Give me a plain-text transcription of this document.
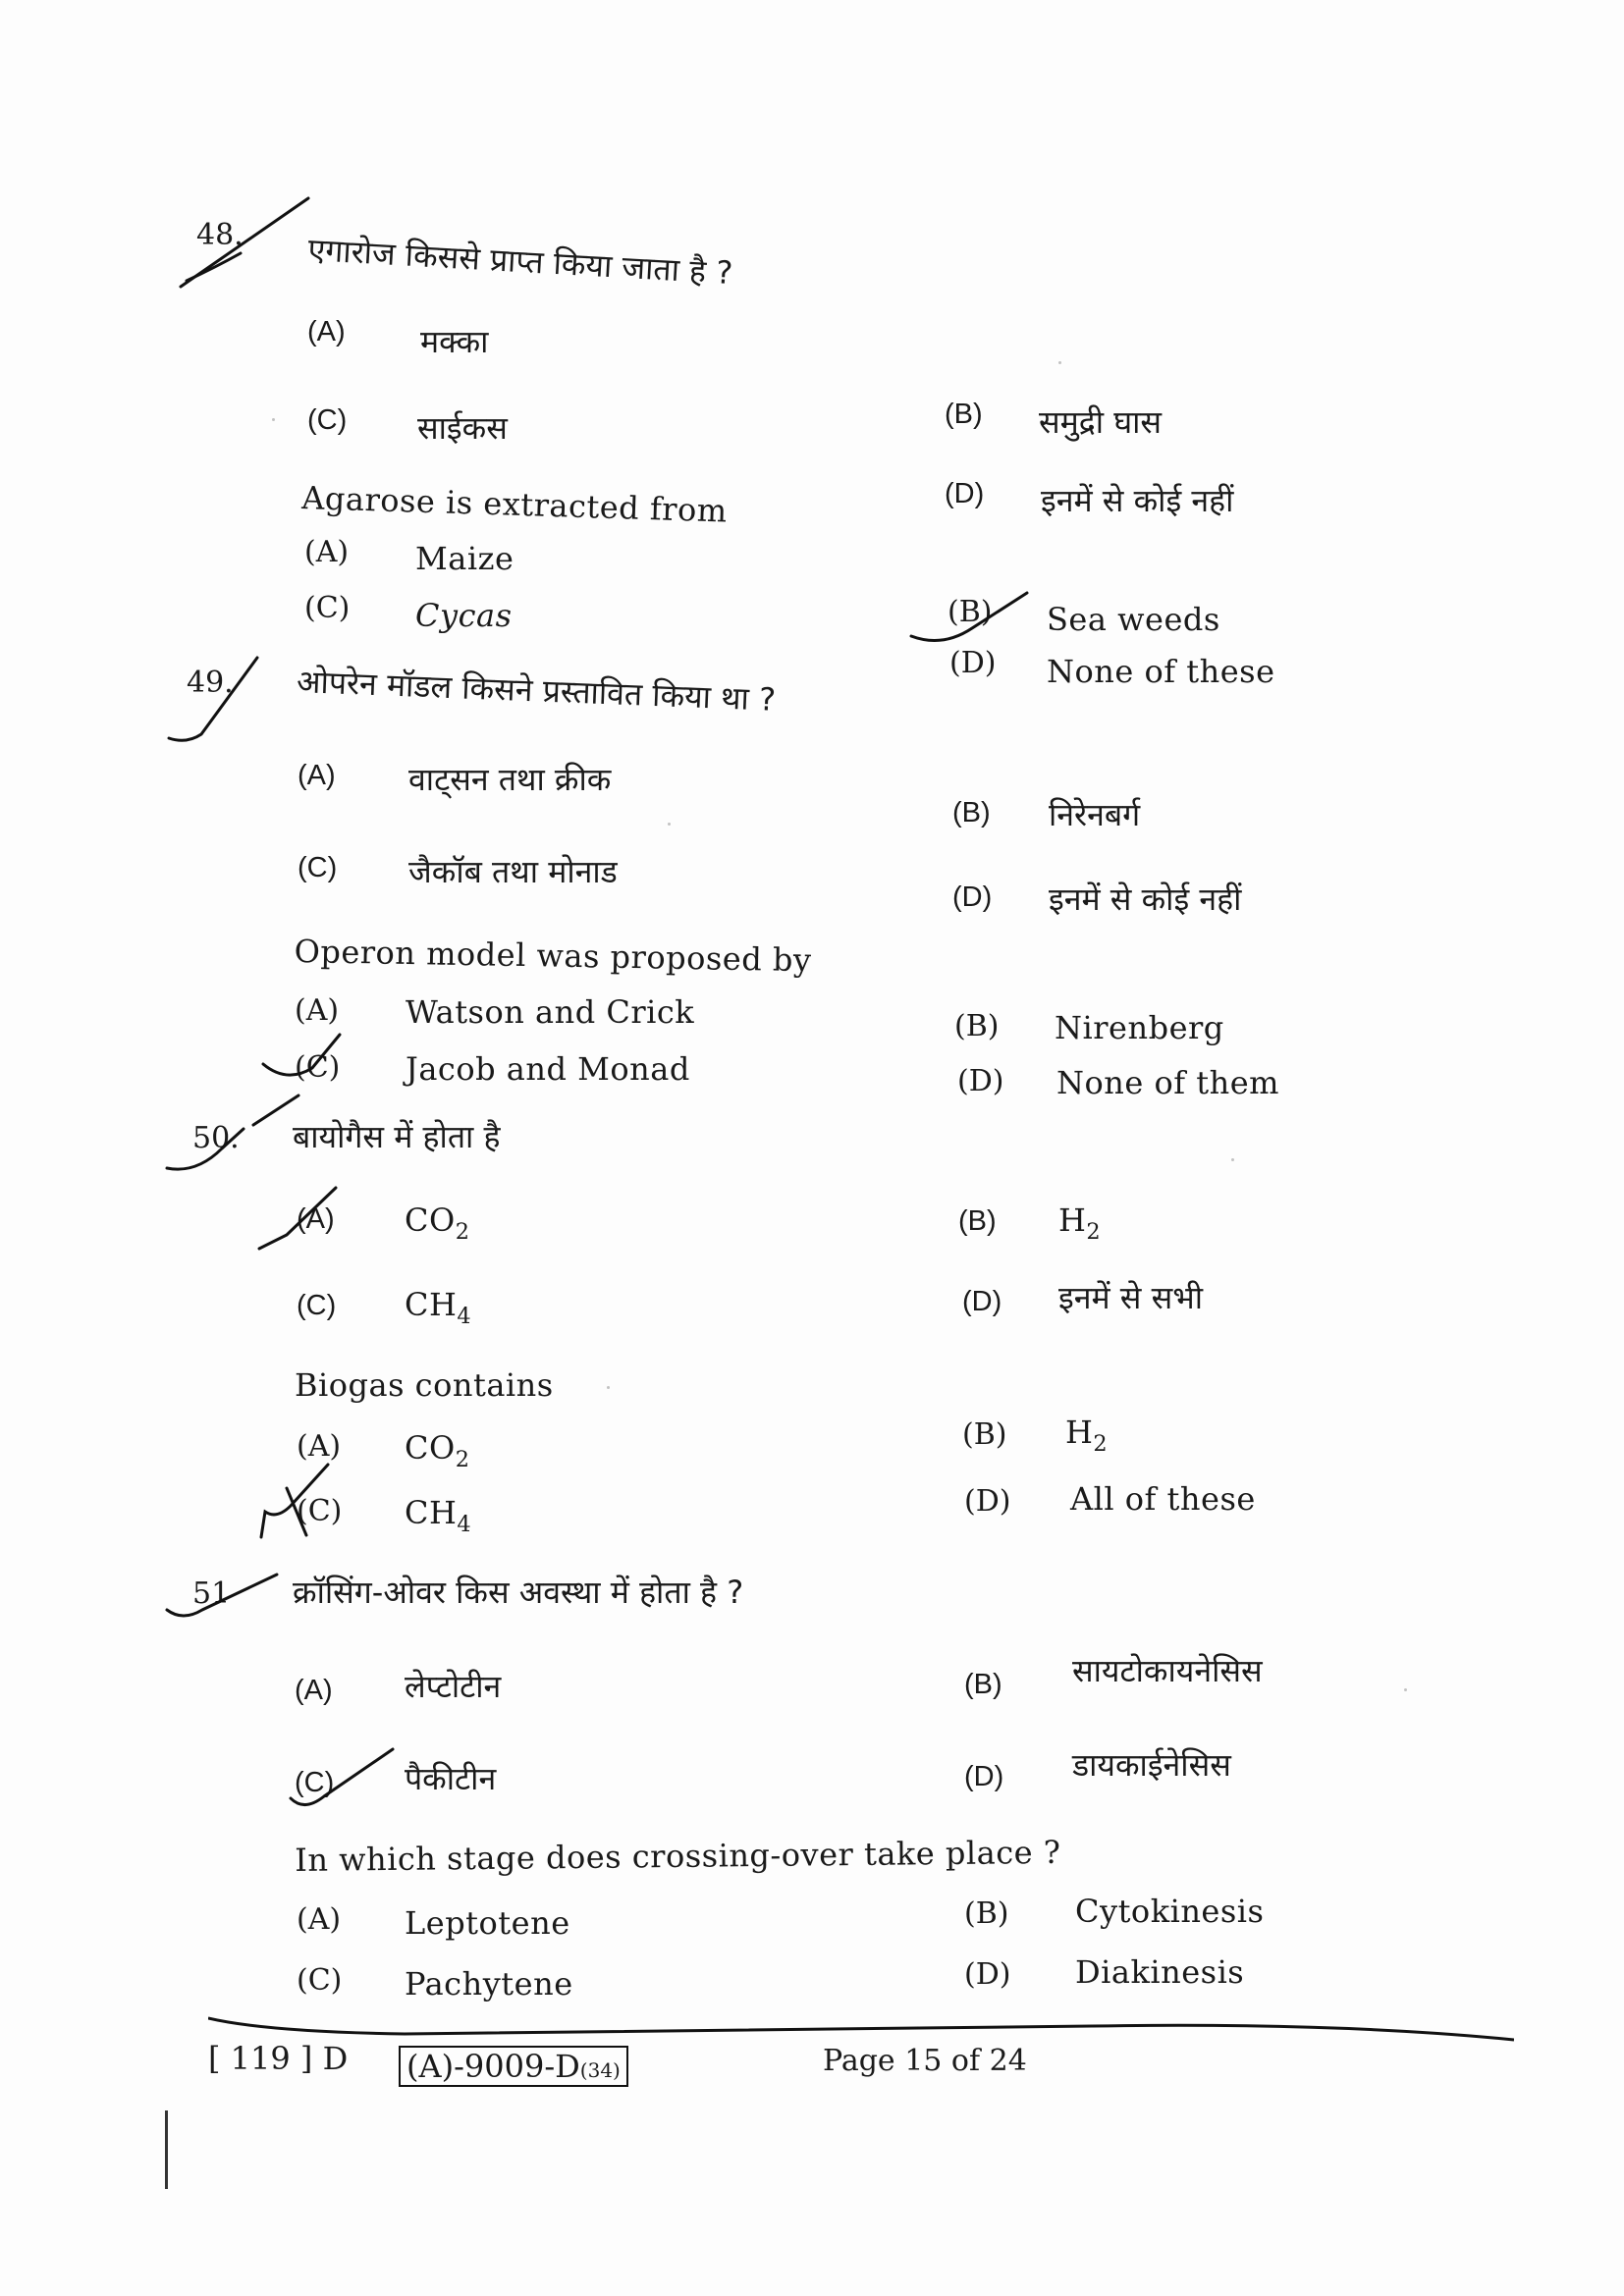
48. एगारोज किससे प्राप्त किया जाता है ?
(A) मक्का
(C) साईकस	(B) समुद्री घास
(D) इनमें से कोई नहीं
Agarose is extracted from
(A) Maize
(C) Cycas	(B) Sea weeds
(D) None of these
49. ओपरेन मॉडल किसने प्रस्तावित किया था ?
(A) वाट्सन तथा क्रीक
(C) जैकॉब तथा मोनाड
(B) निरेनबर्ग
(D) इनमें से कोई नहीं
Operon model was proposed by
(A) Watson and Crick
(C) Jacob and Monad
(B) Nirenberg
(D) None of them
50. बायोगैस में होता है
(A) $CO_2$
(C) $CH_4$
(B) $H_2$
(D) इनमें से सभी
Biogas contains
(A) $CO_2$
(C) $CH_4$
(B) $H_2$
(D) All of these
51 क्रॉसिंग-ओवर किस अवस्था में होता है ?
(A) लेप्टोटीन
(C) पैकीटीन
(B) सायटोकायनेसिस
(D) डायकाईनेसिस
In which stage does crossing-over take place ?
(A) Leptotene
(C) Pachytene
(B) Cytokinesis
(D) Diakinesis
[ 119 ] D (A)-9009-D(34)	Page 15 of 24
